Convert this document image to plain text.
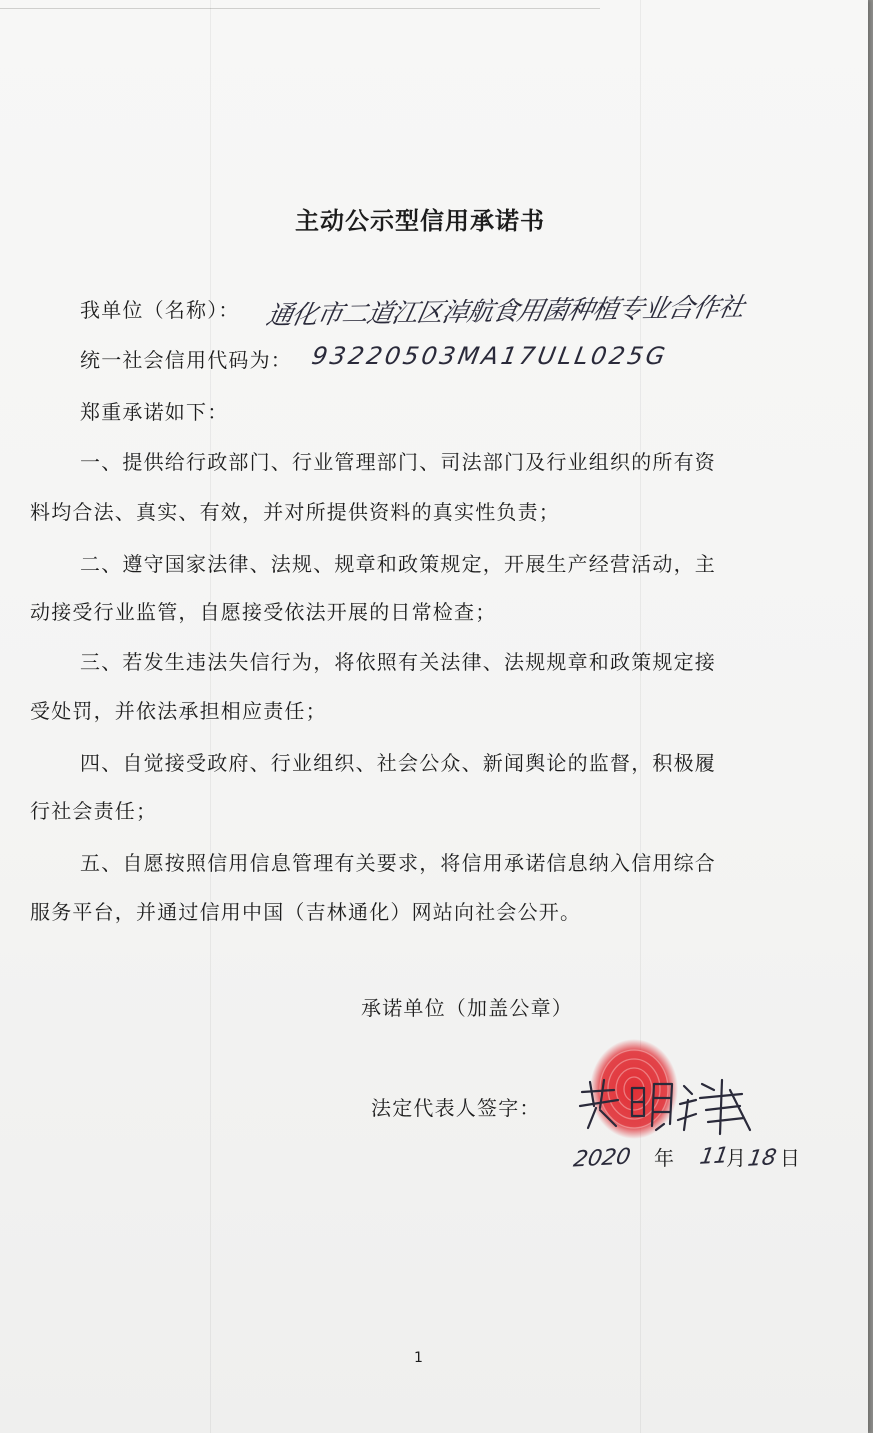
主动公示型信用承诺书
我单位（名称）： 通化市二道江区淖航食用菌种植专业合作社
统一社会信用代码为： 93220503MA17ULL025G
郑重承诺如下：
一、提供给行政部门、行业管理部门、司法部门及行业组织的所有资
料均合法、真实、有效，并对所提供资料的真实性负责；
二、遵守国家法律、法规、规章和政策规定，开展生产经营活动，主
动接受行业监管，自愿接受依法开展的日常检查；
三、若发生违法失信行为，将依照有关法律、法规规章和政策规定接
受处罚，并依法承担相应责任；
四、自觉接受政府、行业组织、社会公众、新闻舆论的监督，积极履
行社会责任；
五、自愿按照信用信息管理有关要求，将信用承诺信息纳入信用综合
服务平台，并通过信用中国（吉林通化）网站向社会公开。
承诺单位（加盖公章）
法定代表人签字：
2020 年 11
月 18 日
1
